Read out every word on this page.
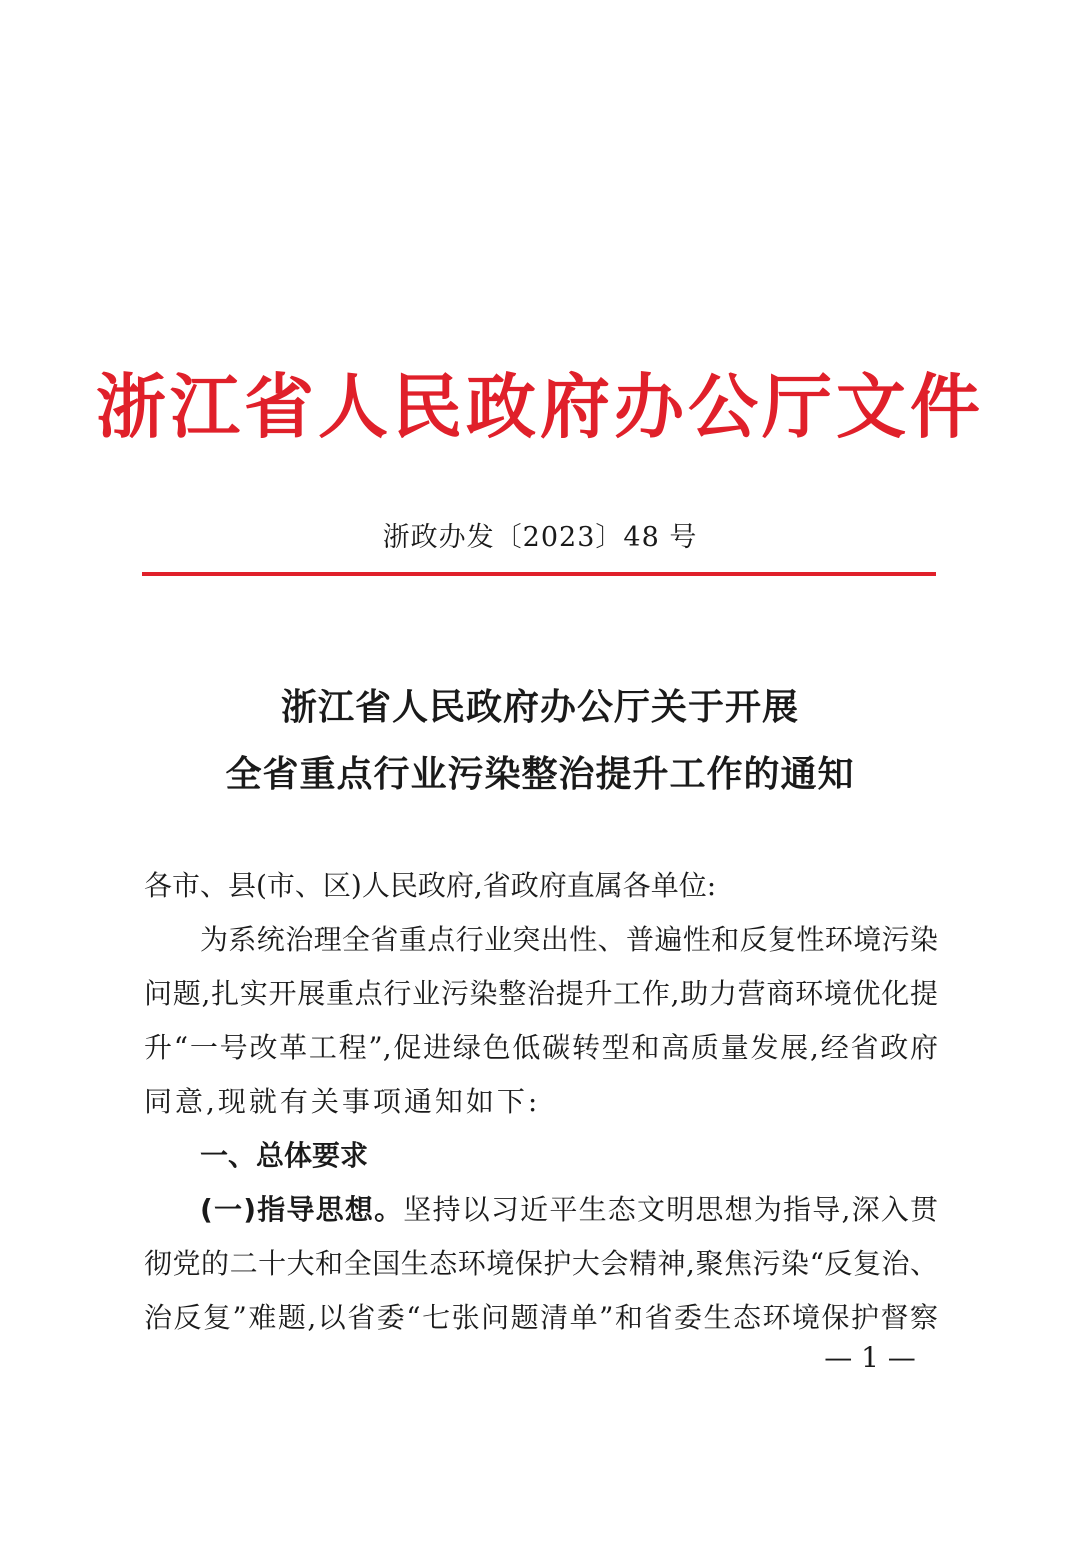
浙江省人民政府办公厅文件
浙政办发〔2023〕48 号
浙江省人民政府办公厅关于开展
全省重点行业污染整治提升工作的通知
各市、县(市、区)人民政府,省政府直属各单位:
为系统治理全省重点行业突出性、普遍性和反复性环境污染
问题,扎实开展重点行业污染整治提升工作,助力营商环境优化提
升“一号改革工程”,促进绿色低碳转型和高质量发展,经省政府
同意,现就有关事项通知如下:
一、总体要求
(一)指导思想。坚持以习近平生态文明思想为指导,深入贯
彻党的二十大和全国生态环境保护大会精神,聚焦污染“反复治、
治反复”难题,以省委“七张问题清单”和省委生态环境保护督察
— 1 —
